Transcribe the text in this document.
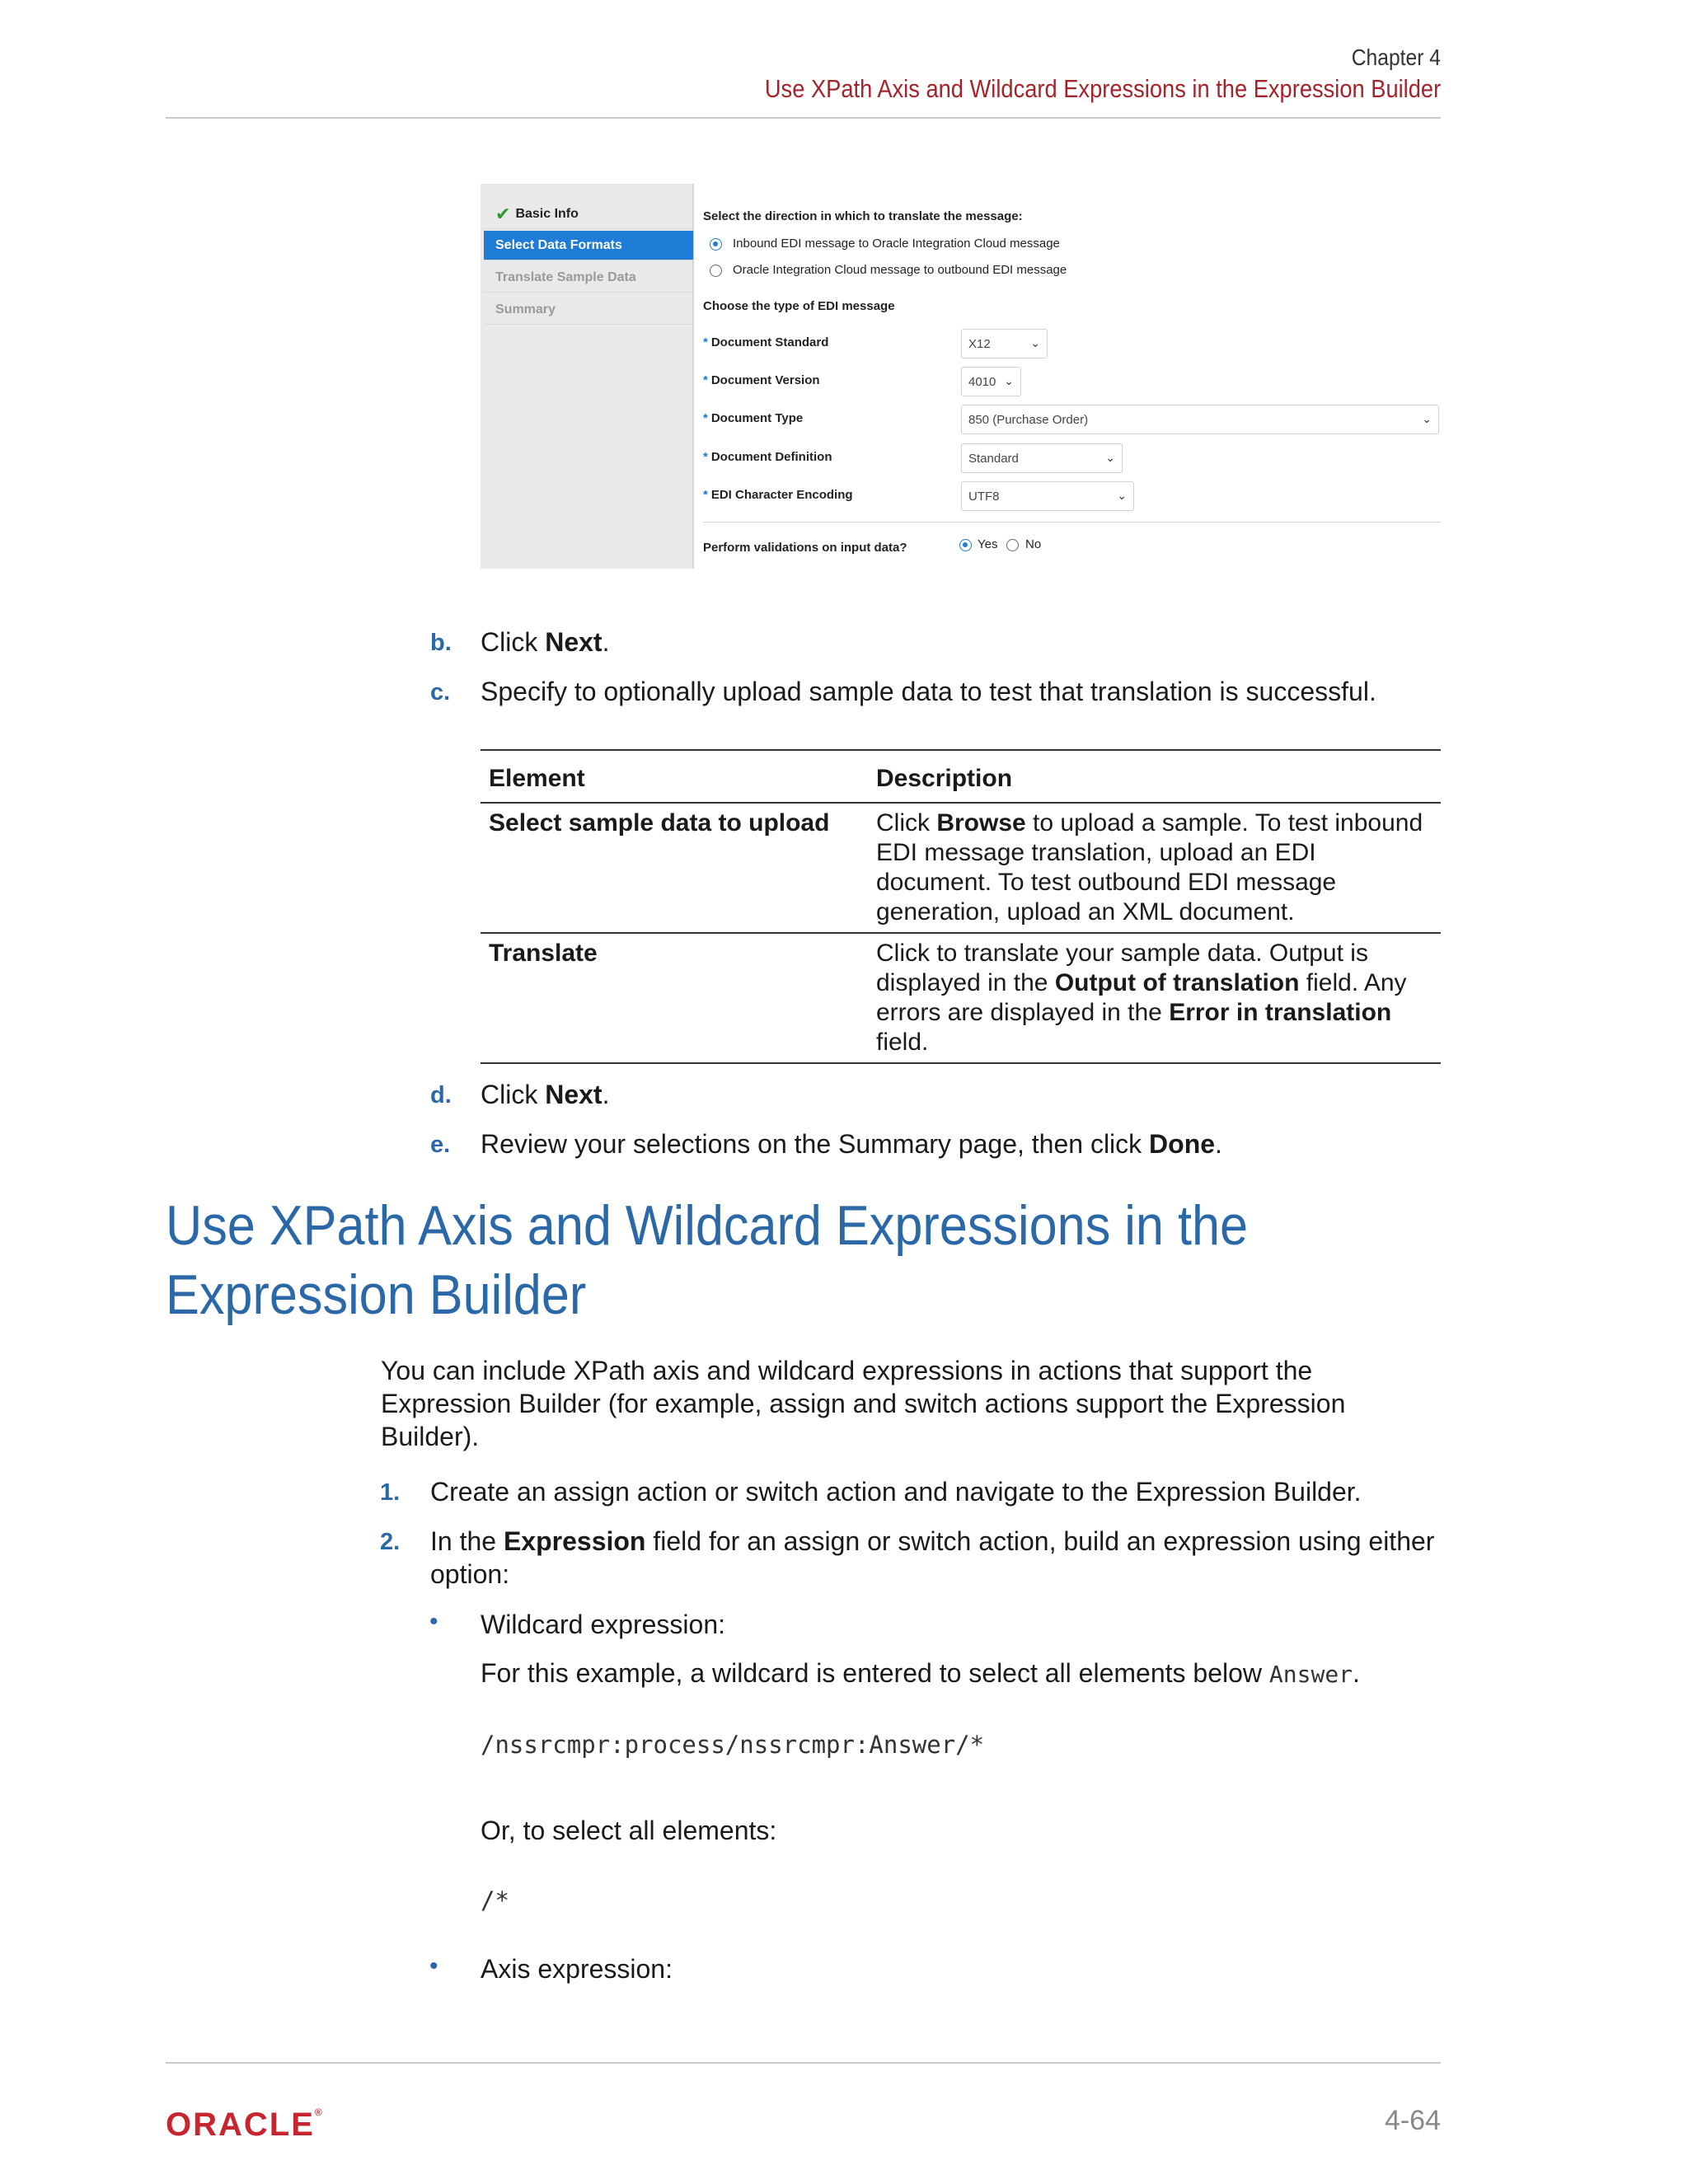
Chapter 4
Use XPath Axis and Wildcard Expressions in the Expression Builder
✔ Basic Info
Select Data Formats
Translate Sample Data
Summary
Select the direction in which to translate the message:
Inbound EDI message to Oracle Integration Cloud message
Oracle Integration Cloud message to outbound EDI message
Choose the type of EDI message
* Document Standard	X12	⌄
* Document Version	4010 ⌄
* Document Type	850 (Purchase Order)	⌄
* Document Definition	Standard	⌄
* EDI Character Encoding	UTF8	⌄
Perform validations on input data?	Yes No
b. Click Next.
c. Specify to optionally upload sample data to test that translation is successful.
Element	Description
Select sample data to upload	Click Browse to upload a sample. To test inbound EDI message translation, upload an EDI document. To test outbound EDI message generation, upload an XML document.
Translate	Click to translate your sample data. Output is displayed in the Output of translation field. Any errors are displayed in the Error in translation field.
d. Click Next.
e. Review your selections on the Summary page, then click Done.
Use XPath Axis and Wildcard Expressions in the Expression Builder
You can include XPath axis and wildcard expressions in actions that support the Expression Builder (for example, assign and switch actions support the Expression Builder).
1. Create an assign action or switch action and navigate to the Expression Builder.
2. In the Expression field for an assign or switch action, build an expression using either option:
• Wildcard expression:
For this example, a wildcard is entered to select all elements below Answer.
/nssrcmpr:process/nssrcmpr:Answer/*
Or, to select all elements:
/*
• Axis expression:
ORACLE®	4-64
